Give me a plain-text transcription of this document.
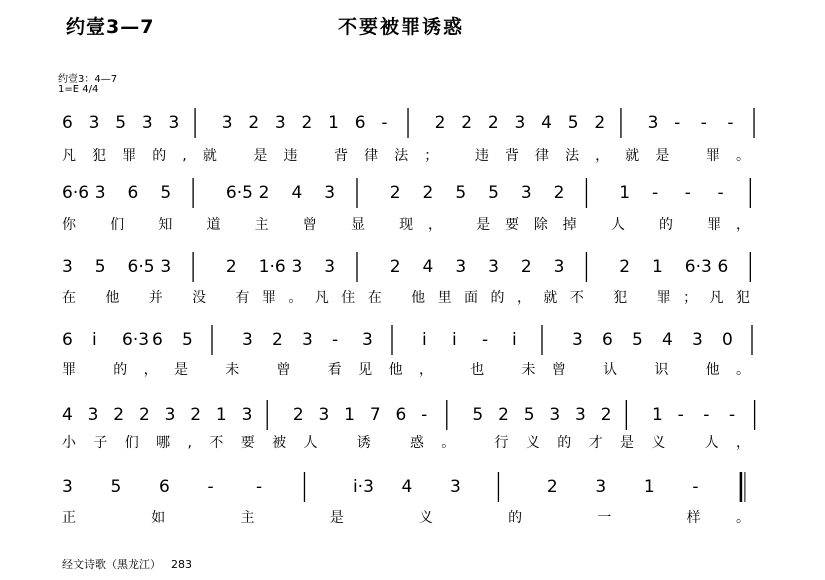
约壹3—7	不要被罪诱惑
约壹3：4—7
1=E 4/4
6 3 5 3 3 3 2 3 2 1 6 -	2 2 2 3 4 5 2 3 - - -
凡犯罪的,就 是违 背律法； 违背律法，就是 罪。
6·6 3 6 5	6·5 2 4 3	2 2 5 5 3 2	1 - - -
你 们 知 道 主 曾 显 现， 是要除掉 人 的 罪，
3 5 6·5 3	2 1·6 3 3	2 4 3 3 2 3	2 1 6·3 6
在 他 并 没 有罪。凡住在 他里面的，就不 犯 罪；凡犯
6 i 6·3 6 5	3 2 3 - 3	i i - i	3 6 5 4 3 0
罪 的，是 未 曾 看见他， 也 未曾 认 识 他。
4 3 2 2 3 2 1 3 2 3 1 7 6 -	5 2 5 3 3 2 1 - - -
小子们哪,不要被人 诱 惑。 行义的才是义 人，
3 5 6 - -	i·3 4 3	2 3 1 -
正 如 主 是 义 的 一 样。
经文诗歌（黑龙江） 283
